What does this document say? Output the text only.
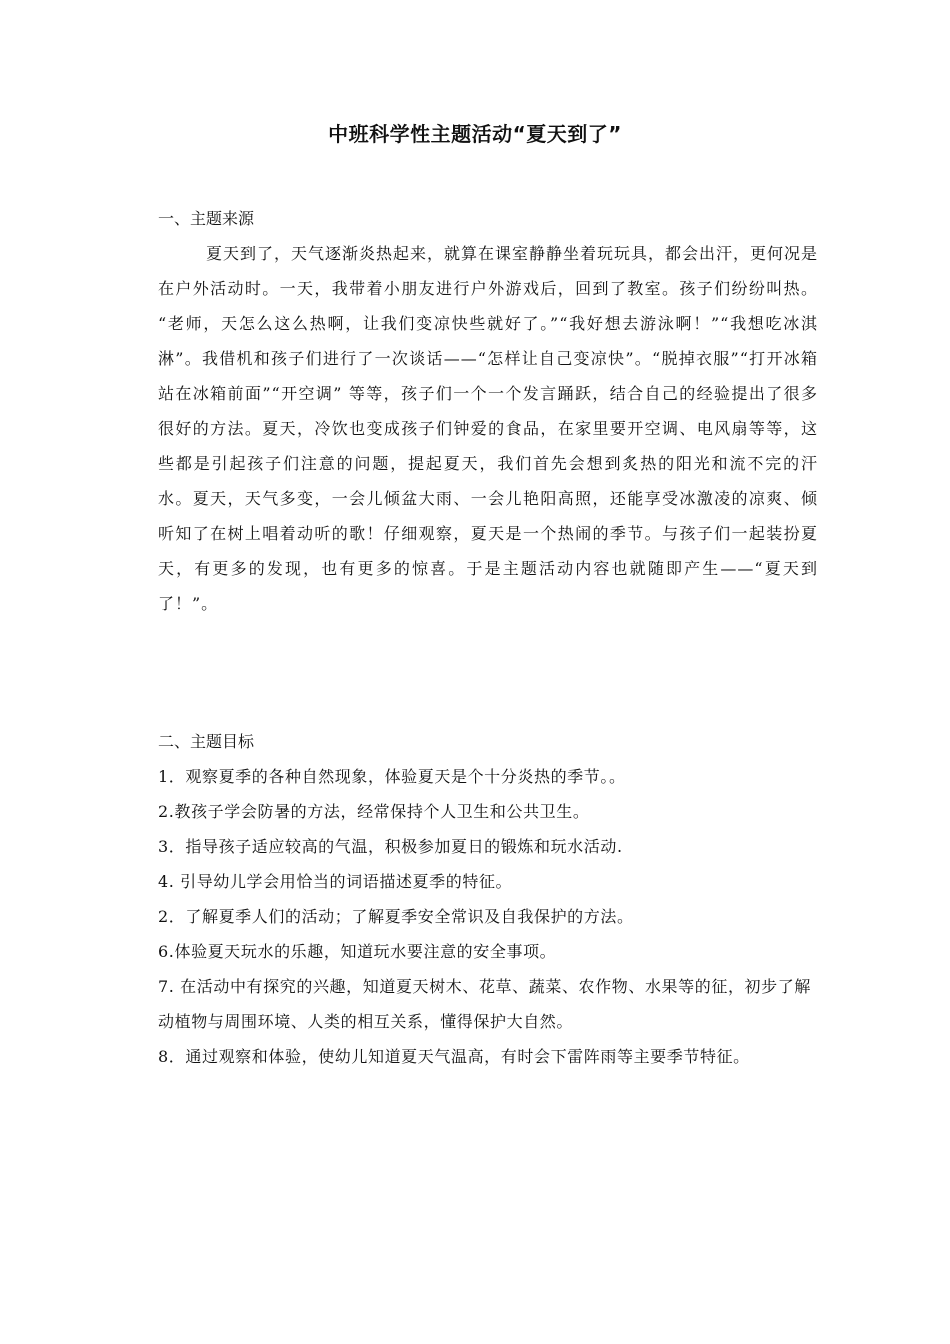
中班科学性主题活动“夏天到了”

一、主题来源

夏天到了，天气逐渐炎热起来，就算在课室静静坐着玩玩具，都会出汗，更何况是在户外活动时。一天，我带着小朋友进行户外游戏后，回到了教室。孩子们纷纷叫热。 “老师，天怎么这么热啊，让我们变凉快些就好了。”“我好想去游泳啊！”“我想吃冰淇淋”。我借机和孩子们进行了一次谈话——“怎样让自己变凉快”。“脱掉衣服”“打开冰箱站在冰箱前面”“开空调” 等等，孩子们一个一个发言踊跃，结合自己的经验提出了很多很好的方法。夏天，冷饮也变成孩子们钟爱的食品，在家里要开空调、电风扇等等，这些都是引起孩子们注意的问题，提起夏天，我们首先会想到炙热的阳光和流不完的汗水。夏天，天气多变，一会儿倾盆大雨、一会儿艳阳高照，还能享受冰激凌的凉爽、倾听知了在树上唱着动听的歌！仔细观察，夏天是一个热闹的季节。与孩子们一起装扮夏天，有更多的发现，也有更多的惊喜。于是主题活动内容也就随即产生——“夏天到了！”。

二、主题目标

1．观察夏季的各种自然现象，体验夏天是个十分炎热的季节。。

2.教孩子学会防暑的方法，经常保持个人卫生和公共卫生。

3．指导孩子适应较高的气温，积极参加夏日的锻炼和玩水活动.

4. 引导幼儿学会用恰当的词语描述夏季的特征。

2．了解夏季人们的活动；了解夏季安全常识及自我保护的方法。

6.体验夏天玩水的乐趣，知道玩水要注意的安全事项。

7. 在活动中有探究的兴趣，知道夏天树木、花草、蔬菜、农作物、水果等的征，初步了解动植物与周围环境、人类的相互关系，懂得保护大自然。

8．通过观察和体验，使幼儿知道夏天气温高，有时会下雷阵雨等主要季节特征。
